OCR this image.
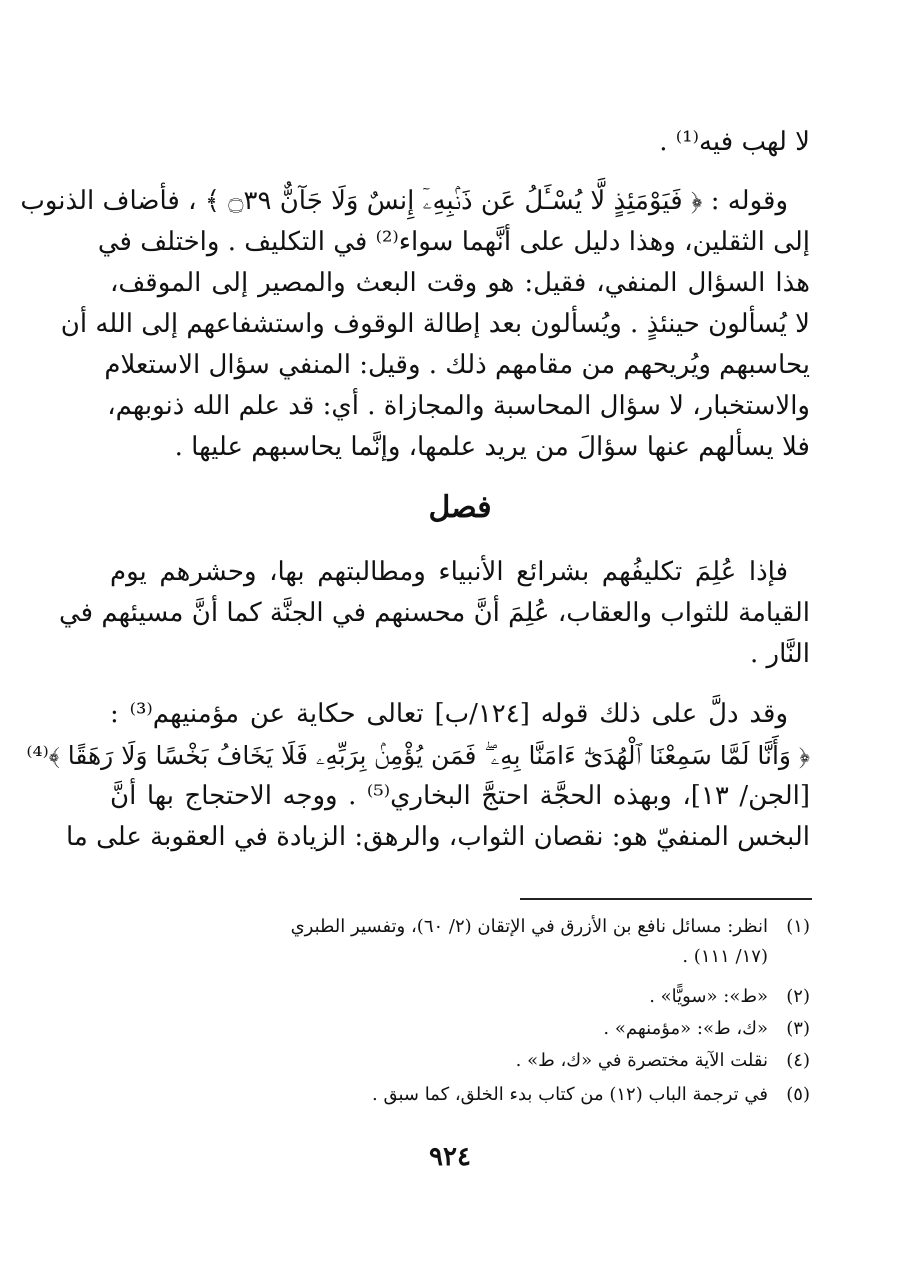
لا لهب فيه⁽¹⁾ .
وقوله : ﴿ فَيَوْمَئِذٍ لَّا يُسْـَٔلُ عَن ذَنۢبِهِۦٓ إِنسٌ وَلَا جَآنٌّ ۝٣٩ ﴾ ، فأضاف الذنوب
إلى الثقلين، وهذا دليل على أنَّهما سواء⁽²⁾ في التكليف . واختلف في
هذا السؤال المنفي، فقيل: هو وقت البعث والمصير إلى الموقف،
لا يُسألون حينئذٍ . ويُسألون بعد إطالة الوقوف واستشفاعهم إلى الله أن
يحاسبهم ويُريحهم من مقامهم ذلك . وقيل: المنفي سؤال الاستعلام
والاستخبار، لا سؤال المحاسبة والمجازاة . أي: قد علم الله ذنوبهم،
فلا يسألهم عنها سؤالَ من يريد علمها، وإنَّما يحاسبهم عليها .
فصل
فإذا عُلِمَ تكليفُهم بشرائع الأنبياء ومطالبتهم بها، وحشرهم يوم
القيامة للثواب والعقاب، عُلِمَ أنَّ محسنهم في الجنَّة كما أنَّ مسيئهم في
النَّار .
وقد دلَّ على ذلك قوله [١٢٤/ب] تعالى حكاية عن مؤمنيهم⁽³⁾ :
﴿ وَأَنَّا لَمَّا سَمِعْنَا ٱلْهُدَىٰٓ ءَامَنَّا بِهِۦ ۖ فَمَن يُؤْمِنۢ بِرَبِّهِۦ فَلَا يَخَافُ بَخْسًا وَلَا رَهَقًا ﴾⁽⁴⁾
[الجن/ ١٣]، وبهذه الحجَّة احتجَّ البخاري⁽⁵⁾ . ووجه الاحتجاج بها أنَّ
البخس المنفيّ هو: نقصان الثواب، والرهق: الزيادة في العقوبة على ما
(١)انظر: مسائل نافع بن الأزرق في الإتقان (٢/ ٦٠)، وتفسير الطبري
(١٧/ ١١١) .
(٢)«ط»: «سويًّا» .
(٣)«ك، ط»: «مؤمنهم» .
(٤)نقلت الآية مختصرة في «ك، ط» .
(٥)في ترجمة الباب (١٢) من كتاب بدء الخلق، كما سبق .
٩٢٤
